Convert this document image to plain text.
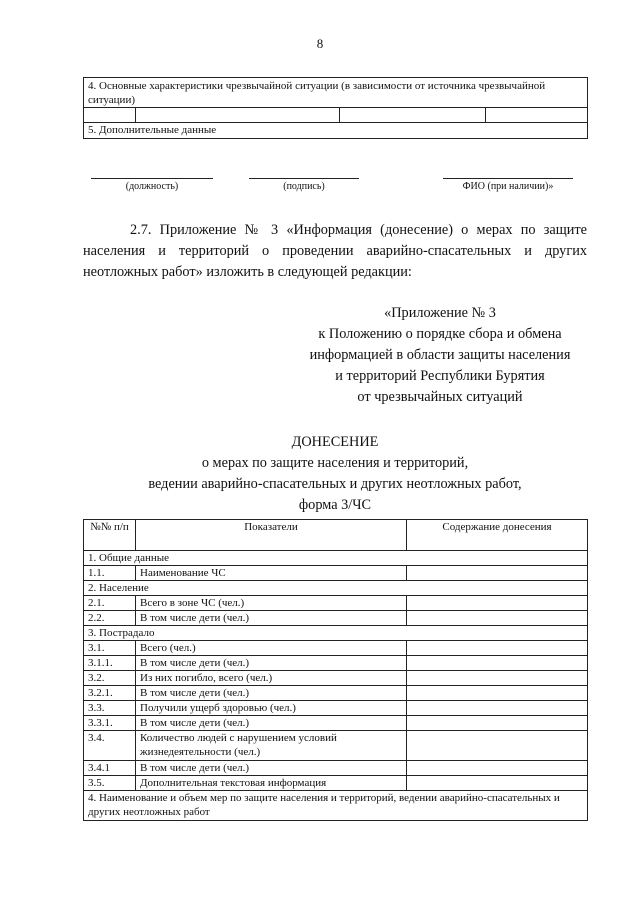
8
4. Основные характеристики чрезвычайной ситуации (в зависимости от источника чрезвычайной ситуации)

5. Дополнительные данные
(должность)	(подпись)	ФИО (при наличии)»
2.7. Приложение № 3 «Информация (донесение) о мерах по защите
населения и территорий о проведении аварийно-спасательных и других
неотложных работ» изложить в следующей редакции:
«Приложение № 3
к Положению о порядке сбора и обмена
информацией в области защиты населения
и территорий Республики Бурятия
от чрезвычайных ситуаций
ДОНЕСЕНИЕ
о мерах по защите населения и территорий,
ведении аварийно-спасательных и других неотложных работ,
форма 3/ЧС
№№ п/п	Показатели	Содержание донесения
1. Общие данные		
1.1.	Наименование ЧС	
2. Население		
2.1.	Всего в зоне ЧС (чел.)	
2.2.	В том числе дети (чел.)	
3. Пострадало		
3.1.	Всего (чел.)	
3.1.1.	В том числе дети (чел.)	
3.2.	Из них погибло, всего (чел.)	
3.2.1.	В том числе дети (чел.)	
3.3.	Получили ущерб здоровью (чел.)	
3.3.1.	В том числе дети (чел.)	
3.4.	Количество людей с нарушением условий жизнедеятельности (чел.)	
3.4.1	В том числе дети (чел.)	
3.5.	Дополнительная текстовая информация	
4. Наименование и объем мер по защите населения и территорий, ведении аварийно-спасательных и других неотложных работ		
